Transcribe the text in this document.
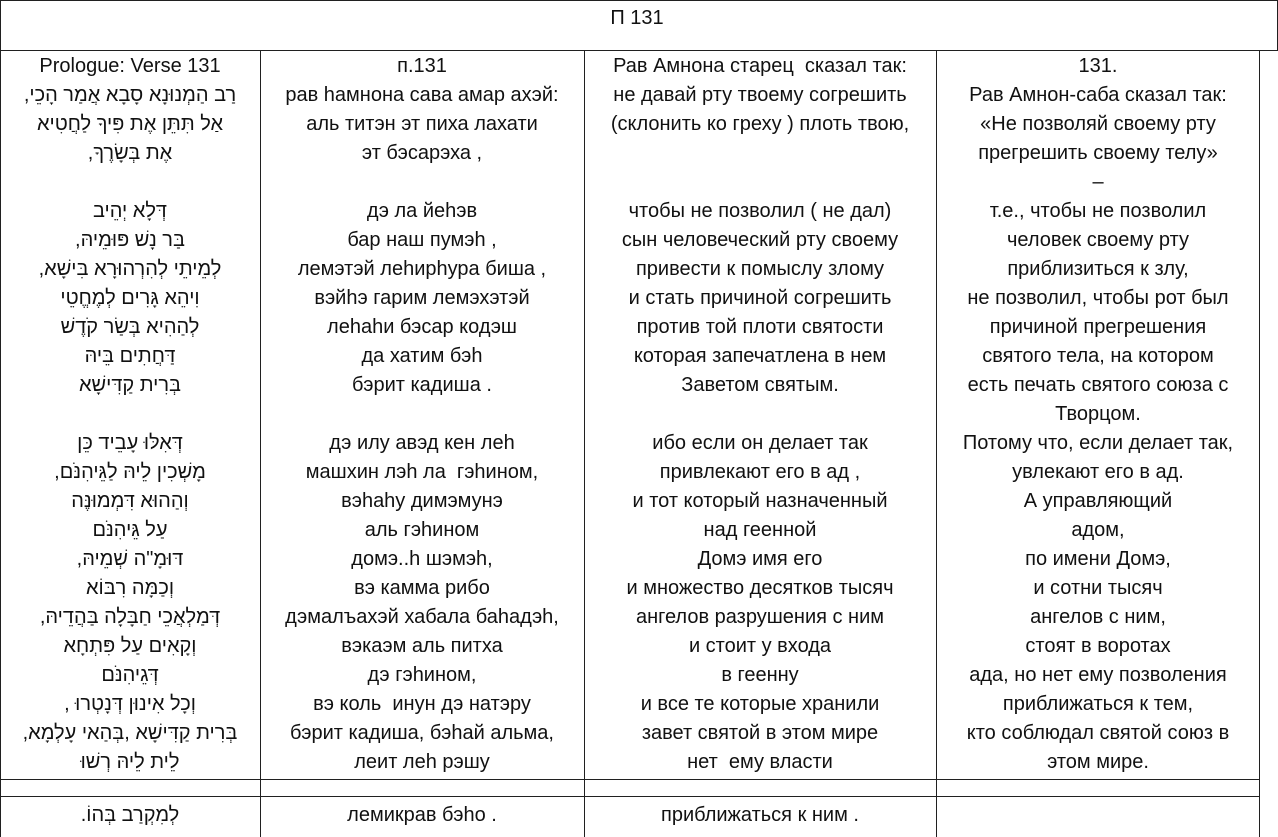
П 131
Prologue: Verse 131
רַב הַמְנוּנָא סָבָא אֲמַר הָכֵי,
אַל תִּתֵּן אֶת פִּיךָ לַחֲטִיא
אֶת בְּשָׂרֶךָ,
דְּלָא יְהֵיב
בַּר נָשׁ פּוּמֵיהּ,
לְמֵיתֵי לְהִרְהוּרָא בִּישָׁא,
וִיהֵא גָּרִים לְמֶחֱטֵי
לְהַהִיא בְּשַׂר קֹדֶשׁ
דַּחֲתִים בֵּיהּ
בְּרִית קַדִּישָׁא
דְּאִלּוּ עָבֵיד כֵּן
מָשְׁכִין לֵיהּ לַגֵּיהִנֹּם,
וְהַהוּא דִּמְמוּנֶּה
עַל גֵּיהִנֹּם
דּוּמָ"ה שְׁמֵיהּ,
וְכַמָּה רִבּוֹא
דְּמַלְאֲכֵי חַבָּלָה בַּהֲדֵיהּ,
וְקָאִים עַל פִּתְחָא
דְּגֵיהִנֹּם
וְכָל אִינוּן דְּנָטְרוּ ,
בְּרִית קַדִּישָׁא ,בְּהַאי עָלְמָא,
לֵית לֵיהּ רְשׁוּ
п.131
рав hамнона сава амар ахэй:
аль титэн эт пиха лахати
эт бэсарэха ,
дэ ла йеhэв
бар наш пумэh ,
лемэтэй леhирhура биша ,
вэйhэ гарим лемэхэтэй
леhаhи бэсар кодэш
да хатим бэh
бэрит кадиша .
дэ илу авэд кен леh
машхин лэh ла  гэhином,
вэhаhу димэмунэ
аль гэhином
домэ..h шэмэh,
вэ камма рибо
дэмалъахэй хабала баhадэh,
вэкаэм аль питха
дэ гэhином,
вэ коль  инун дэ натэру
бэрит кадиша, бэhай альма,
леит леh рэшу
Рав Амнона старец  сказал так:
не давай рту твоему согрешить
(склонить ко греху ) плоть твою,
чтобы не позволил ( не дал)
сын человеческий рту своему
привести к помыслу злому
и стать причиной согрешить
против той плоти святости
которая запечатлена в нем
Заветом святым.
ибо если он делает так
привлекают его в ад ,
и тот который назначенный
над геенной
Домэ имя его
и множество десятков тысяч
ангелов разрушения с ним
и стоит у входа
в геенну
и все те которые хранили
завет святой в этом мире
нет  ему власти
131.
Рав Амнон-саба сказал так:
«Не позволяй своему рту
прегрешить своему телу»
–
т.е., чтобы не позволил
человек своему рту
приблизиться к злу,
не позволил, чтобы рот был
причиной прегрешения
святого тела, на котором
есть печать святого союза с
Творцом.
Потому что, если делает так,
увлекают его в ад.
А управляющий
адом,
по имени Домэ,
и сотни тысяч
ангелов с ним,
стоят в воротах
ада, но нет ему позволения
приближаться к тем,
кто соблюдал святой союз в
этом мире.
לְמִקְרַב בְּהוֹ.	лемикрав бэhо .	приближаться к ним .
